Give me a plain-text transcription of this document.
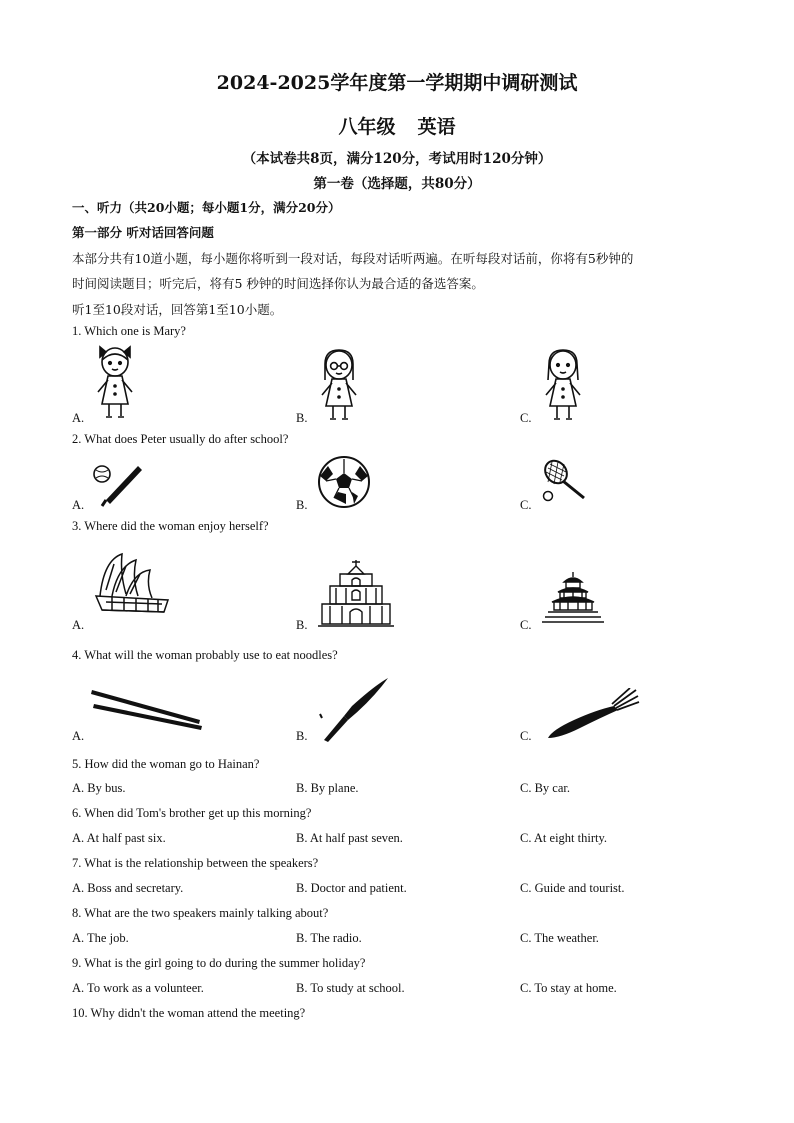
2024-2025学年度第一学期期中调研测试
八年级 英语
（本试卷共8页，满分120分，考试用时120分钟）
第一卷（选择题，共80分）
一、听力（共20小题；每小题1分，满分20分）
第一部分 听对话回答问题
本部分共有10道小题，每小题你将听到一段对话，每段对话听两遍。在听每段对话前，你将有5秒钟的
时间阅读题目；听完后，将有5 秒钟的时间选择你认为最合适的备选答案。
听1至10段对话，回答第1至10小题。
1. Which one is Mary?
A.	B.	C.
2. What does Peter usually do after school?
A.	B.	C.
3. Where did the woman enjoy herself?
A.	B.	C.
4. What will the woman probably use to eat noodles?
A.	B.	C.
5. How did the woman go to Hainan?
A. By bus.	B. By plane.	C. By car.
6. When did Tom's brother get up this morning?
A. At half past six.	B. At half past seven.	C. At eight thirty.
7. What is the relationship between the speakers?
A. Boss and secretary.	B. Doctor and patient.	C. Guide and tourist.
8. What are the two speakers mainly talking about?
A. The job.	B. The radio.	C. The weather.
9. What is the girl going to do during the summer holiday?
A. To work as a volunteer.	B. To study at school.	C. To stay at home.
10. Why didn't the woman attend the meeting?
